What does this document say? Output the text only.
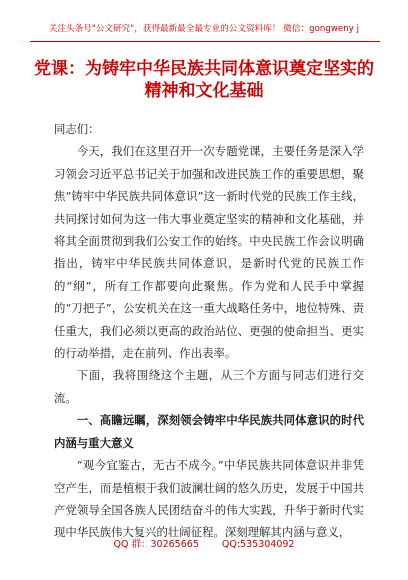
关注头条号"公文研究"，获得最新最全最专业的公文资料库！ 微信：gongweny j
党课：为铸牢中华民族共同体意识奠定坚实的精神和文化基础

同志们：

今天，我们在这里召开一次专题党课，主要任务是深入学习领会习近平总书记关于加强和改进民族工作的重要思想，聚焦“铸牢中华民族共同体意识”这一新时代党的民族工作主线，共同探讨如何为这一伟大事业奠定坚实的精神和文化基础，并将其全面贯彻到我们公安工作的始终。中央民族工作会议明确指出，铸牢中华民族共同体意识，是新时代党的民族工作的“纲”，所有工作都要向此聚焦。作为党和人民手中掌握的“刀把子”，公安机关在这一重大战略任务中，地位特殊、责任重大，我们必须以更高的政治站位、更强的使命担当、更实的行动举措，走在前列、作出表率。

下面，我将围绕这个主题，从三个方面与同志们进行交流。

一、高瞻远瞩，深刻领会铸牢中华民族共同体意识的时代内涵与重大意义

“观今宜鉴古，无古不成今。”中华民族共同体意识并非凭空产生，而是植根于我们波澜壮阔的悠久历史，发展于中国共产党领导全国各族人民团结奋斗的伟大实践，升华于新时代实现中华民族伟大复兴的壮阔征程。深刻理解其内涵与意义，

QQ 群：30265665 QQ:535304092
